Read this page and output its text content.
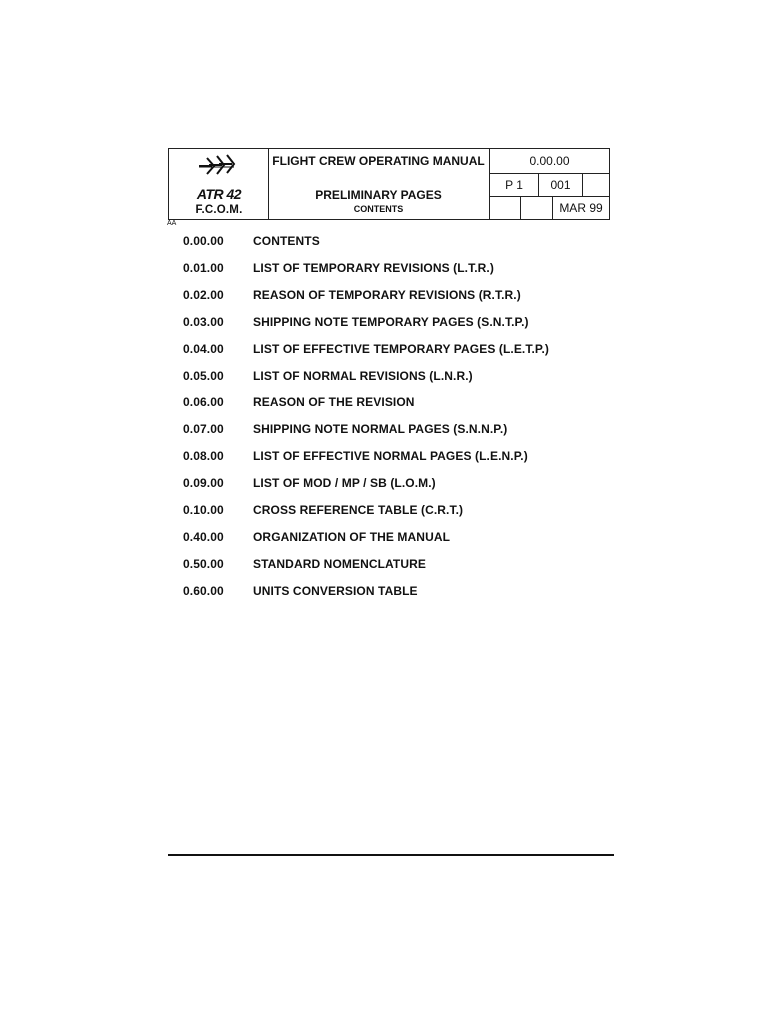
ATR 42
F.C.O.M.
FLIGHT CREW OPERATING MANUAL
PRELIMINARY PAGES
CONTENTS
0.00.00
P 1	001
MAR 99
AA
0.00.00	CONTENTS
0.01.00	LIST OF TEMPORARY REVISIONS (L.T.R.)
0.02.00	REASON OF TEMPORARY REVISIONS (R.T.R.)
0.03.00	SHIPPING NOTE TEMPORARY PAGES (S.N.T.P.)
0.04.00	LIST OF EFFECTIVE TEMPORARY PAGES (L.E.T.P.)
0.05.00	LIST OF NORMAL REVISIONS (L.N.R.)
0.06.00	REASON OF THE REVISION
0.07.00	SHIPPING NOTE NORMAL PAGES (S.N.N.P.)
0.08.00	LIST OF EFFECTIVE NORMAL PAGES (L.E.N.P.)
0.09.00	LIST OF MOD / MP / SB (L.O.M.)
0.10.00	CROSS REFERENCE TABLE (C.R.T.)
0.40.00	ORGANIZATION OF THE MANUAL
0.50.00	STANDARD NOMENCLATURE
0.60.00	UNITS CONVERSION TABLE
